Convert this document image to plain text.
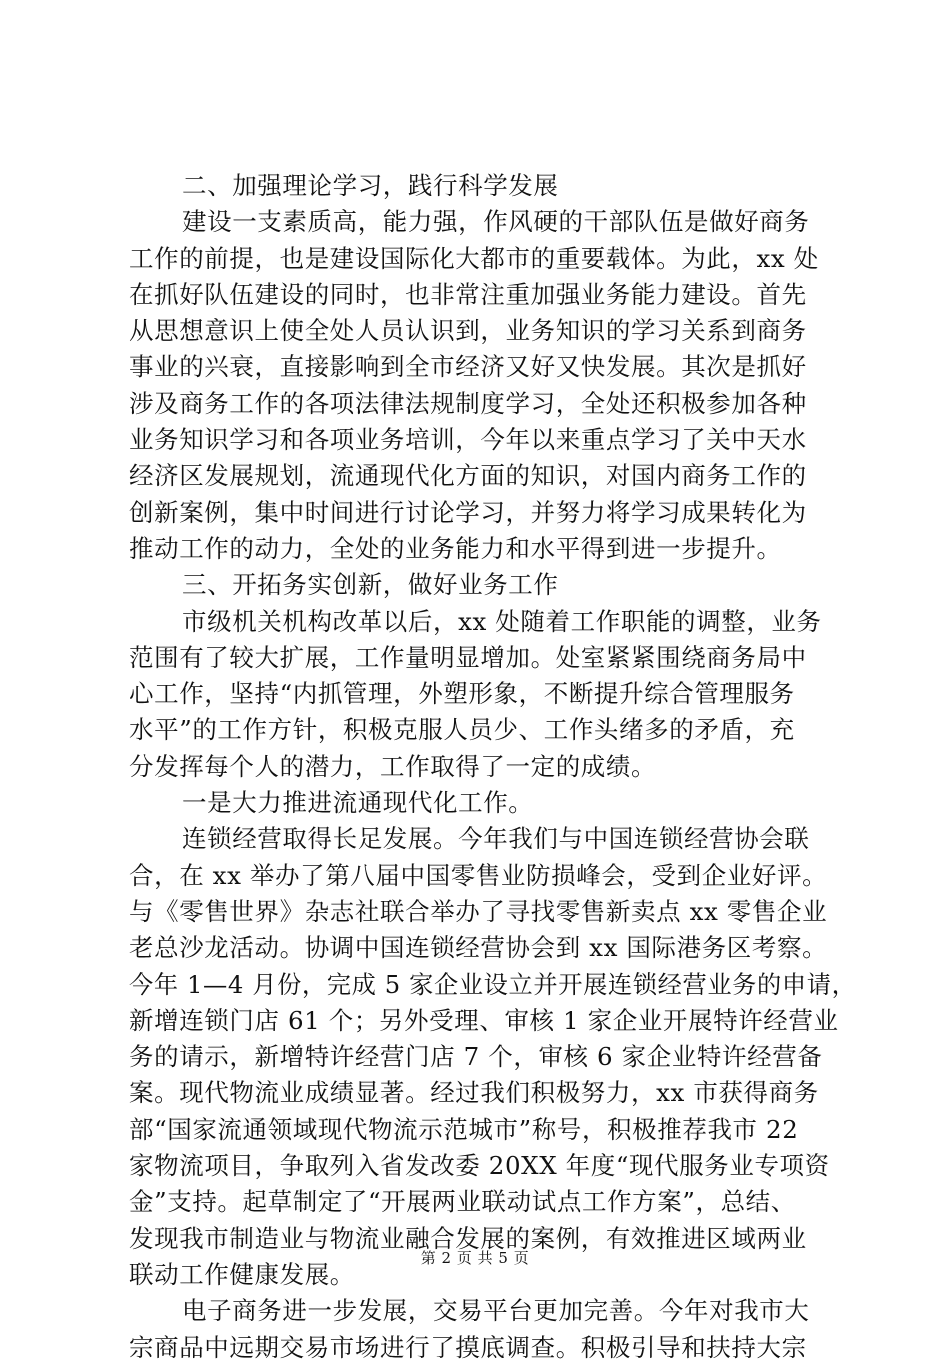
二、加强理论学习，践行科学发展
建设一支素质高，能力强，作风硬的干部队伍是做好商务
工作的前提，也是建设国际化大都市的重要载体。为此，xx 处
在抓好队伍建设的同时，也非常注重加强业务能力建设。首先
从思想意识上使全处人员认识到，业务知识的学习关系到商务
事业的兴衰，直接影响到全市经济又好又快发展。其次是抓好
涉及商务工作的各项法律法规制度学习，全处还积极参加各种
业务知识学习和各项业务培训，今年以来重点学习了关中天水
经济区发展规划，流通现代化方面的知识，对国内商务工作的
创新案例，集中时间进行讨论学习，并努力将学习成果转化为
推动工作的动力，全处的业务能力和水平得到进一步提升。
三、开拓务实创新，做好业务工作
市级机关机构改革以后，xx 处随着工作职能的调整，业务
范围有了较大扩展，工作量明显增加。处室紧紧围绕商务局中
心工作，坚持“内抓管理，外塑形象，不断提升综合管理服务
水平”的工作方针，积极克服人员少、工作头绪多的矛盾，充
分发挥每个人的潜力，工作取得了一定的成绩。
一是大力推进流通现代化工作。
连锁经营取得长足发展。今年我们与中国连锁经营协会联
合，在 xx 举办了第八届中国零售业防损峰会，受到企业好评。
与《零售世界》杂志社联合举办了寻找零售新卖点 xx 零售企业
老总沙龙活动。协调中国连锁经营协会到 xx 国际港务区考察。
今年 1—4 月份，完成 5 家企业设立并开展连锁经营业务的申请，
新增连锁门店 61 个；另外受理、审核 1 家企业开展特许经营业
务的请示，新增特许经营门店 7 个，审核 6 家企业特许经营备
案。现代物流业成绩显著。经过我们积极努力，xx 市获得商务
部“国家流通领域现代物流示范城市”称号，积极推荐我市 22
家物流项目，争取列入省发改委 20XX 年度“现代服务业专项资
金”支持。起草制定了“开展两业联动试点工作方案”，总结、
发现我市制造业与物流业融合发展的案例，有效推进区域两业
联动工作健康发展。
电子商务进一步发展，交易平台更加完善。今年对我市大
宗商品中远期交易市场进行了摸底调查。积极引导和扶持大宗
第 2 页 共 5 页
